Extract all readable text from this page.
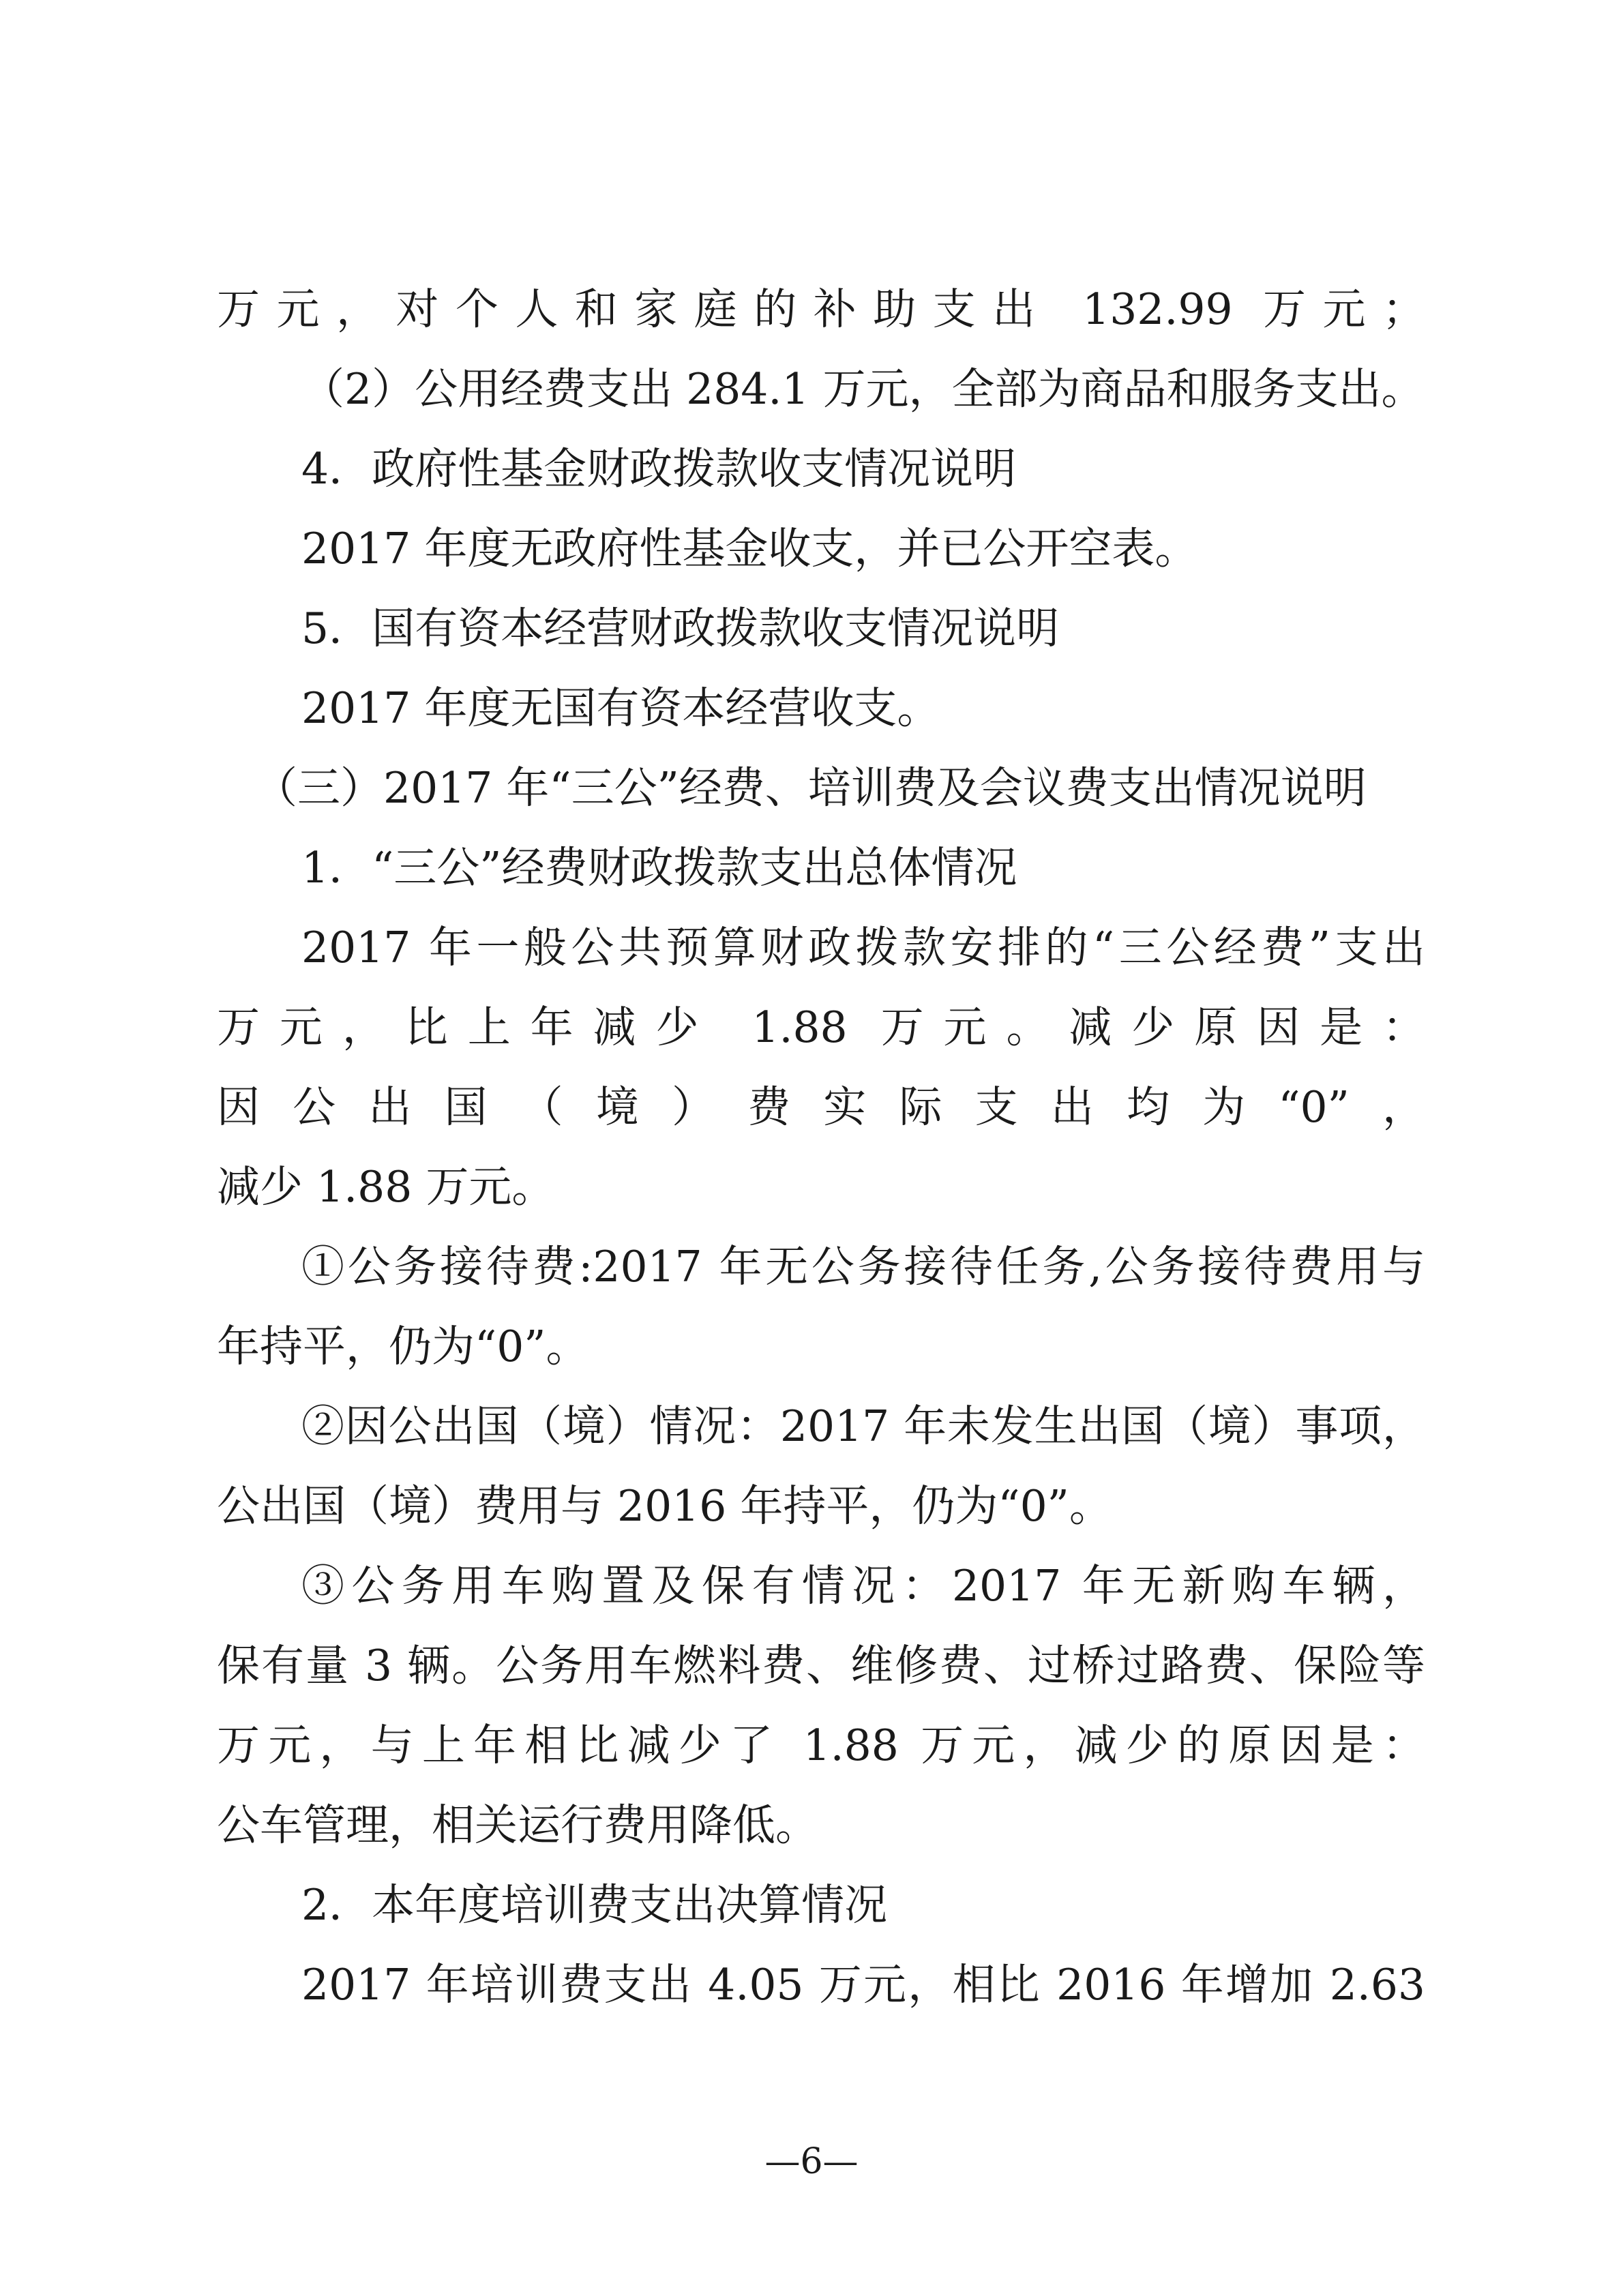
万元，对个人和家庭的补助支出 132.99 万元；
（2）公用经费支出 284.1 万元，全部为商品和服务支出。
4．政府性基金财政拨款收支情况说明
2017 年度无政府性基金收支，并已公开空表。
5．国有资本经营财政拨款收支情况说明
2017 年度无国有资本经营收支。
（三）2017 年“三公”经费、培训费及会议费支出情况说明
1．“三公”经费财政拨款支出总体情况
2017 年一般公共预算财政拨款安排的“三公经费”支出
万元，比上年减少 1.88 万元。减少原因是：
因公出国（境）费实际支出均为“0”，
减少 1.88 万元。
①公务接待费:2017 年无公务接待任务,公务接待费用与
年持平，仍为“0”。
②因公出国（境）情况：2017 年未发生出国（境）事项，
公出国（境）费用与 2016 年持平，仍为“0”。
③公务用车购置及保有情况：2017 年无新购车辆，
保有量 3 辆。公务用车燃料费、维修费、过桥过路费、保险等
万元，与上年相比减少了 1.88 万元，减少的原因是：
公车管理，相关运行费用降低。
2．本年度培训费支出决算情况
2017 年培训费支出 4.05 万元，相比 2016 年增加 2.63
—6—
